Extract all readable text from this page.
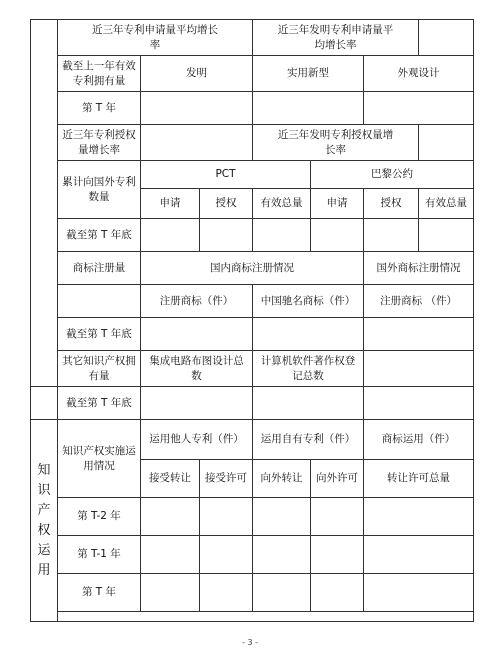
	近三年专利申请量平均增长率			近三年发明专利申请量平均增长率			
	截至上一年有效专利拥有量	发明		实用新型		外观设计	
	第 T 年						
	近三年专利授权量增长率			近三年发明专利授权量增长率			
	累计向国外专利数量	PCT			巴黎公约		
		申请	授权	有效总量	申请	授权	有效总量
	截至第 T 年底						
	商标注册量	国内商标注册情况				国外商标注册情况	
		注册商标（件）		中国驰名商标（件）		注册商标 （件）	
	截至第 T 年底						
	其它知识产权拥有量	集成电路布图设计总数		计算机软件著作权登记总数			
	截至第 T 年底						
知识产权运用	知识产权实施运用情况	运用他人专利（件）		运用自有专利（件）		商标运用（件）	
		接受转让	接受许可	向外转让	向外许可	转让许可总量	
	第 T-2 年						
	第 T-1 年						
	第 T 年						

- 3 -
